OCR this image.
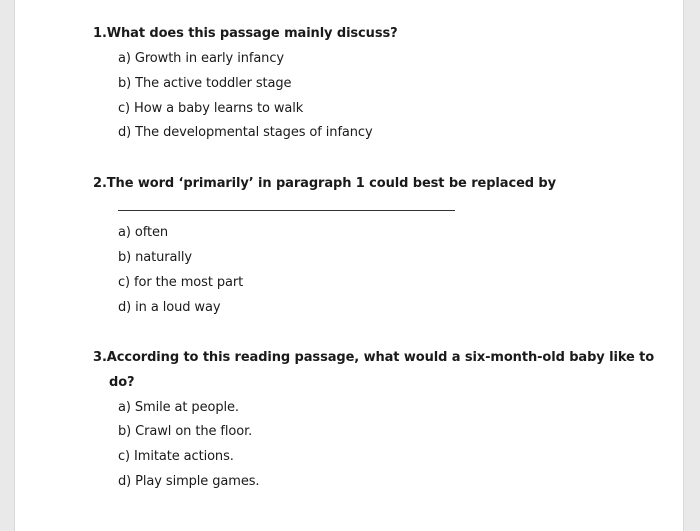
1.What does this passage mainly discuss?
a) Growth in early infancy
b) The active toddler stage
c) How a baby learns to walk
d) The developmental stages of infancy
2.The word ‘primarily’ in paragraph 1 could best be replaced by
a) often
b) naturally
c) for the most part
d) in a loud way
3.According to this reading passage, what would a six-month-old baby like to
do?
a) Smile at people.
b) Crawl on the floor.
c) Imitate actions.
d) Play simple games.
